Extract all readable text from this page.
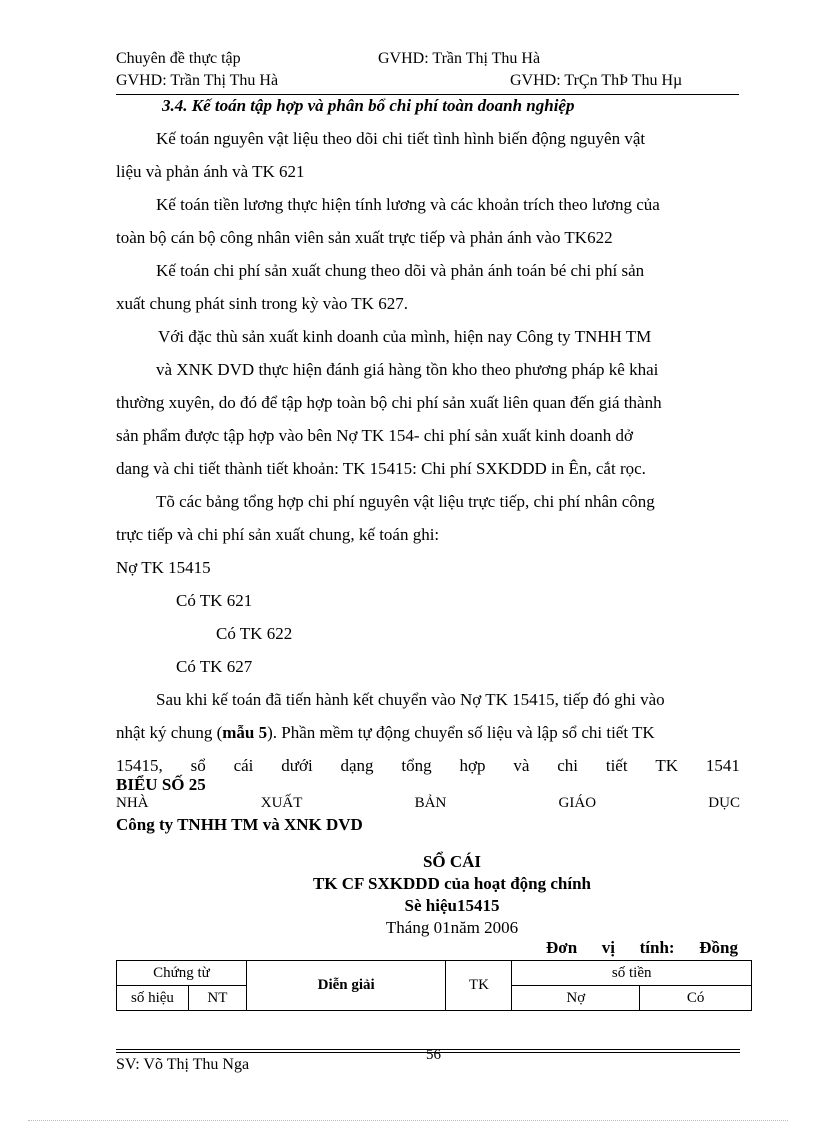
Chuyên đề thực tập	GVHD: Trần Thị Thu Hà
GVHD: Trần Thị Thu Hà	GVHD: TrÇn ThÞ Thu Hµ
3.4. Kế toán tập hợp và phân bổ chi phí toàn doanh nghiệp
Kế toán nguyên vật liệu theo dõi chi tiết tình hình biến động nguyên vật
liệu và phản ánh và TK 621
Kế toán tiền lương thực hiện tính lương và các khoản trích theo lương của
toàn bộ cán bộ công nhân viên sản xuất trực tiếp và phản ánh vào TK622
Kế toán chi phí sản xuất chung theo dõi và phản ánh toán bé chi phí sản
xuất chung phát sinh trong kỳ vào TK 627.
Với đặc thù sản xuất kinh doanh của mình, hiện nay Công ty TNHH TM
và XNK DVD thực hiện đánh giá hàng tồn kho theo phương pháp kê khai
thường xuyên, do đó để tập hợp toàn bộ chi phí sản xuất liên quan đến giá thành
sản phẩm được tập hợp vào bên Nợ TK 154- chi phí sản xuất kinh doanh dở
dang và chi tiết thành tiết khoản: TK 15415: Chi phí SXKDDD in Ên, cắt rọc.
Tõ các bảng tổng hợp chi phí nguyên vật liệu trực tiếp, chi phí nhân công
trực tiếp và chi phí sản xuất chung, kế toán ghi:
Nợ TK 15415
Có TK 621
Có TK 622
Có TK 627
Sau khi kế toán đã tiến hành kết chuyển vào Nợ TK 15415, tiếp đó ghi vào
nhật ký chung (mẫu 5). Phần mềm tự động chuyển số liệu và lập sổ chi tiết TK
15415, sổ cái dưới dạng tổng hợp và chi tiết TK 1541
BIỂU SỐ 25
NHÀ	XUẤT	BẢN	GIÁO	DỤC
Công ty TNHH TM và XNK DVD
SỔ CÁI
TK CF SXKDDD của hoạt động chính
Sè hiệu15415
Tháng 01năm 2006
Đơn vị tính: Đồng
Chứng từ		Diễn giải	TK	số tiền	
số hiệu	NT			Nợ	Có
56
SV: Võ Thị Thu Nga
